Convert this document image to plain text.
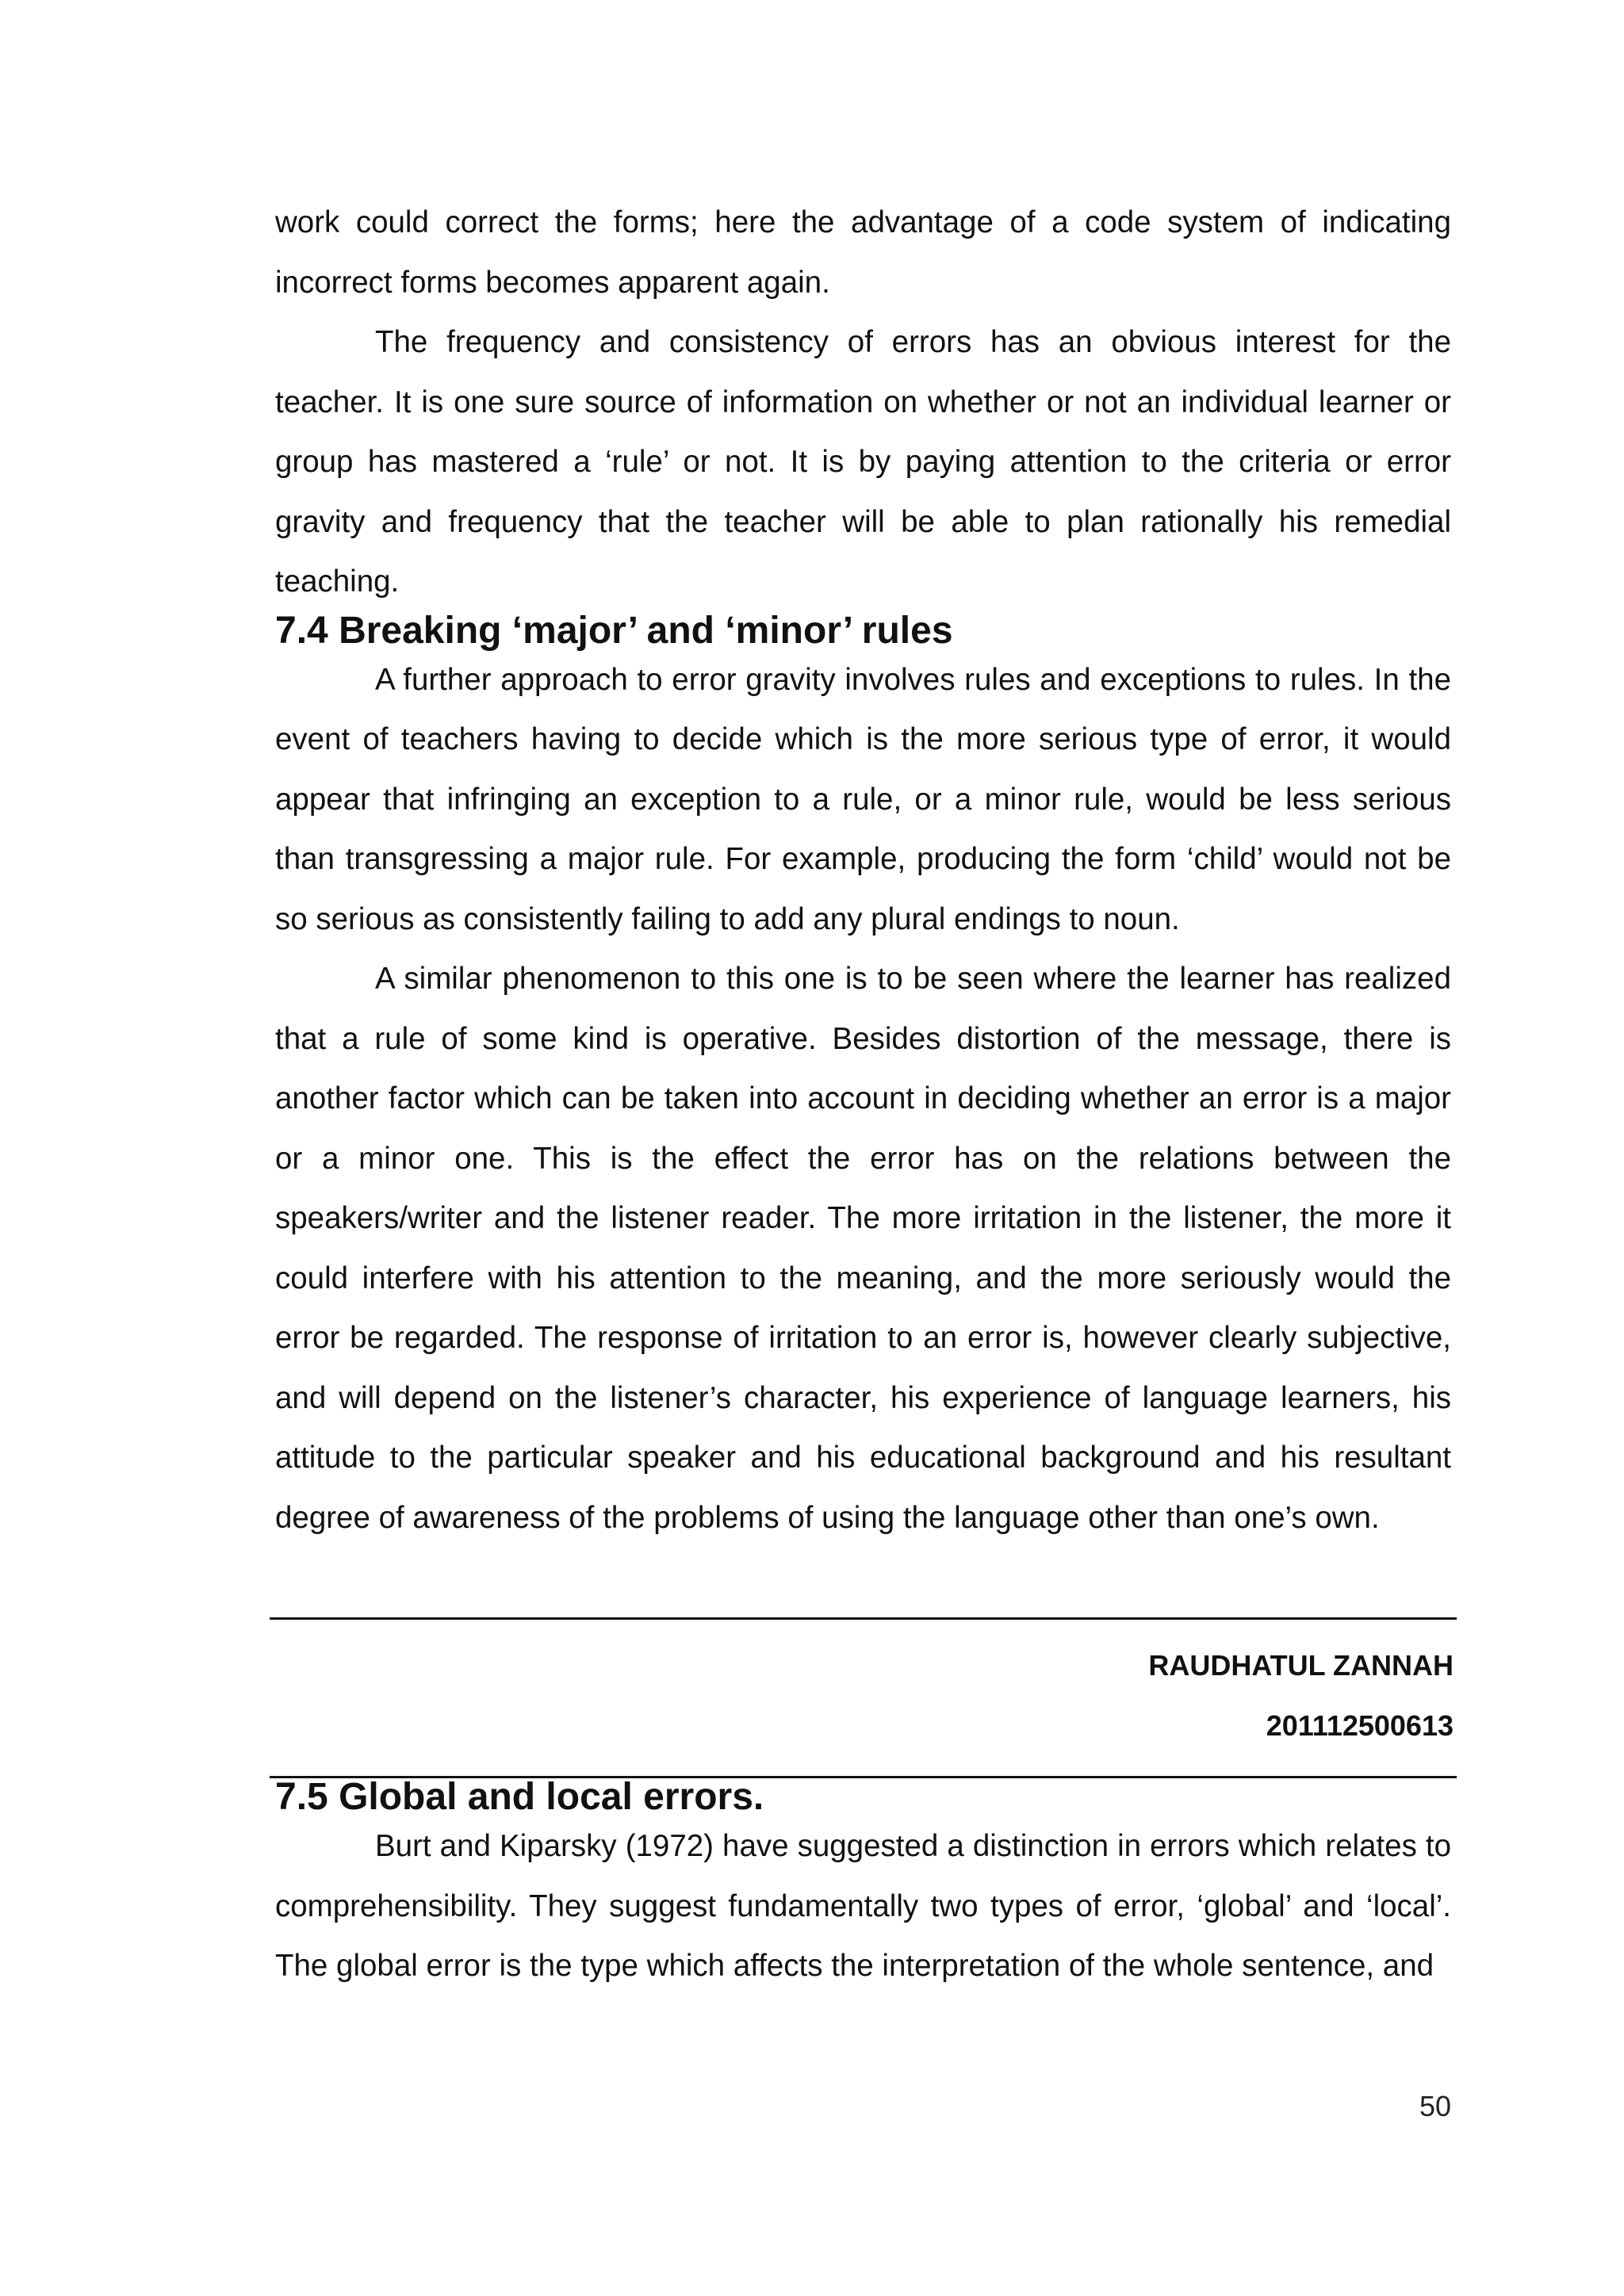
work could correct the forms; here the advantage of a code system of indicating incorrect forms becomes apparent again.

The frequency and consistency of errors has an obvious interest for the teacher. It is one sure source of information on whether or not an individual learner or group has mastered a ‘rule’ or not. It is by paying attention to the criteria or error gravity and frequency that the teacher will be able to plan rationally his remedial teaching.

7.4 Breaking ‘major’ and ‘minor’ rules

A further approach to error gravity involves rules and exceptions to rules. In the event of teachers having to decide which is the more serious type of error, it would appear that infringing an exception to a rule, or a minor rule, would be less serious than transgressing a major rule. For example, producing the form ‘child’ would not be so serious as consistently failing to add any plural endings to noun.

A similar phenomenon to this one is to be seen where the learner has realized that a rule of some kind is operative. Besides distortion of the message, there is another factor which can be taken into account in deciding whether an error is a major or a minor one. This is the effect the error has on the relations between the speakers/writer and the listener reader. The more irritation in the listener, the more it could interfere with his attention to the meaning, and the more seriously would the error be regarded. The response of irritation to an error is, however clearly subjective, and will depend on the listener’s character, his experience of language learners, his attitude to the particular speaker and his educational background and his resultant degree of awareness of the problems of using the language other than one’s own.

RAUDHATUL ZANNAH
201112500613
7.5 Global and local errors.

Burt and Kiparsky (1972) have suggested a distinction in errors which relates to comprehensibility. They suggest fundamentally two types of error, ‘global’ and ‘local’. The global error is the type which affects the interpretation of the whole sentence, and

50
